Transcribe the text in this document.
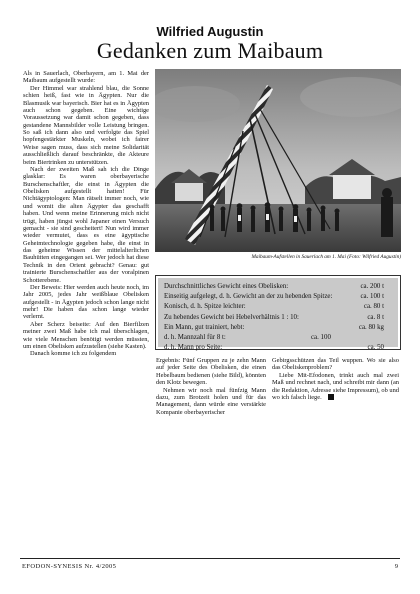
Wilfried Augustin
Gedanken zum Maibaum

Als in Sauerlach, Oberbayern, am 1. Mai der Maibaum aufgestellt wurde:

Der Himmel war strahlend blau, die Sonne schien heiß, fast wie in Ägypten. Nur die Blasmusik war bayerisch. Bier hat es in Ägypten auch schon gegeben. Eine wichtige Voraussetzung war damit schon gegeben, dass gestandene Mannsbilder volle Leistung bringen. So saß ich dann also und verfolgte das Spiel hopfengestärkter Muskeln, wobei ich fairer Weise sagen muss, dass sich meine Solidarität ausschließlich darauf beschränkte, die Akteure beim Biertrinken zu unterstützen.

Nach der zweiten Maß sah ich die Dinge glasklar: Es waren oberbayerische Burschenschaftler, die einst in Ägypten die Obelisken aufgestellt hatten! Für Nichtägyptologen: Man rätselt immer noch, wie und womit die alten Ägypter das geschafft haben. Und wenn meine Erinnerung mich nicht trügt, haben jüngst wohl Japaner einen Versuch gemacht - sie sind gescheitert! Nun wird immer wieder vermutet, dass es eine ägyptische Geheimtechnologie gegeben habe, die einst in das geheime Wissen der mittelalterlichen Bauhütten eingegangen sei. Wer jedoch hat diese Technik in den Orient gebracht? Genau: gut trainierte Burschenschaftler aus der voralpinen Schotterebene.

Der Beweis: Hier werden auch heute noch, im Jahr 2005, jedes Jahr weißblaue Obelisken aufgestellt - in Ägypten jedoch schon lange nicht mehr! Die haben das schon lange wieder verlernt.

Aber Scherz beiseite: Auf den Bierfilzen meiner zwei Maß habe ich mal überschlagen, wie viele Menschen benötigt werden müssten, um einen Obelisken aufzustellen (siehe Kasten).

Danach komme ich zu folgendem

Maibaum-Aufstellen in Sauerlach am 1. Mai (Foto: Wilfried Augustin)
Durchschnittliches Gewicht eines Obelisken:	ca. 200 t
Einseitig aufgelegt, d. h. Gewicht an der zu hebenden Spitze:	ca. 100 t
Konisch, d. h. Spitze leichter:	ca. 80 t
Zu hebendes Gewicht bei Hebelverhältnis 1 : 10:	ca. 8 t
Ein Mann, gut trainiert, hebt:	ca. 80 kg
d. h. Mannzahl für 8 t:	ca. 100
d. h. Mann pro Seite:	ca. 50

Ergebnis: Fünf Gruppen zu je zehn Mann auf jeder Seite des Obelisken, die einen Hebelbaum bedienen (siehe Bild), könnten den Klotz bewegen.

Nehmen wir noch mal fünfzig Mann dazu, zum Brotzeit holen und für das Management, dann würde eine verstärkte Kompanie oberbayerischer

Gebirgsschützen das Teil wuppen. Wo sie also das Obeliskenproblem?

Liebe Mit-Efodonen, trinkt auch mal zwei Maß und rechnet nach, und schreibt mir dann (an die Redaktion, Adresse siehe Impressum), ob und wo ich falsch liege.

EFODON-SYNESIS Nr. 4/2005	9
